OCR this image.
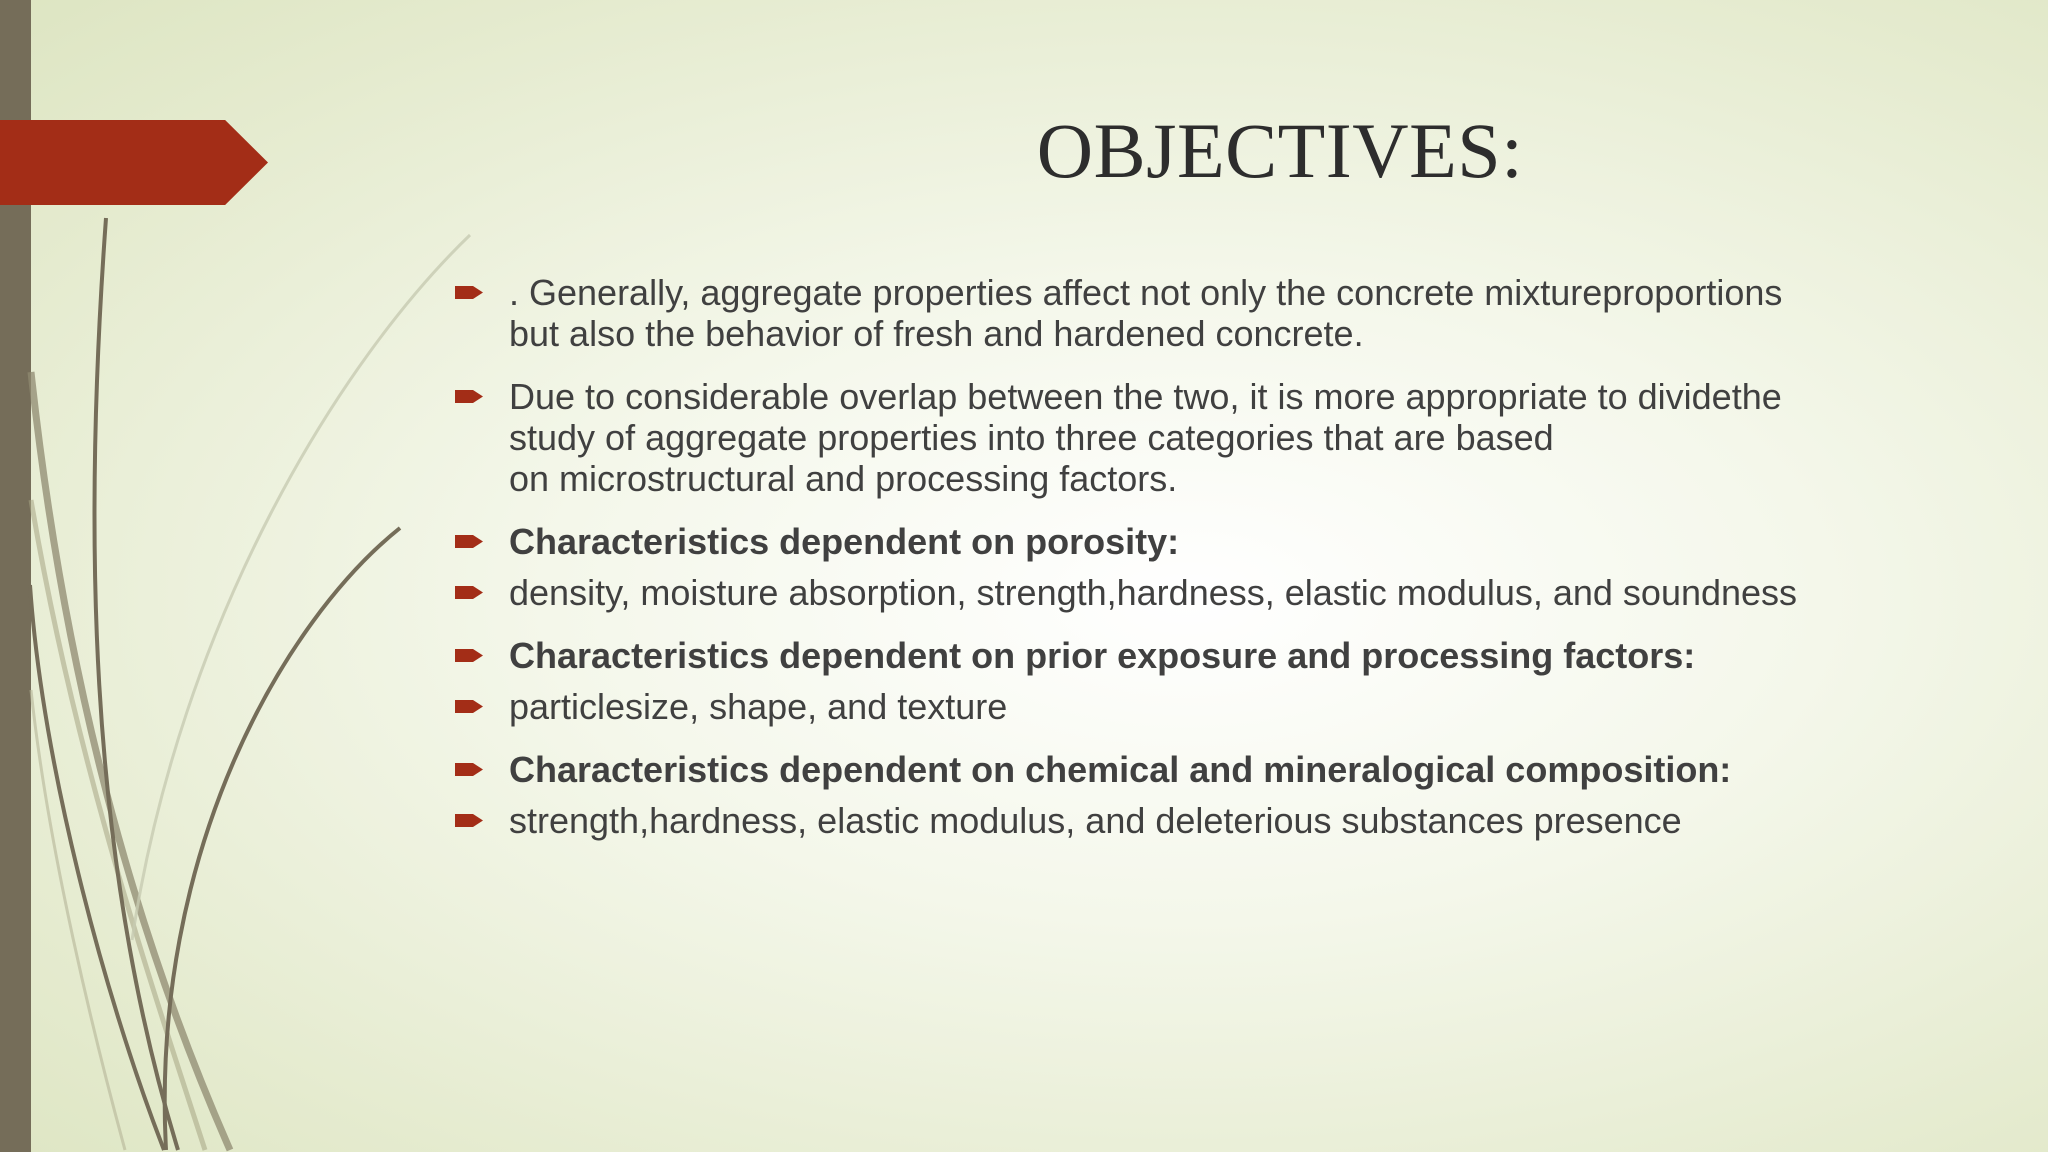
OBJECTIVES:
. Generally, aggregate properties affect not only the concrete mixtureproportions
but also the behavior of fresh and hardened concrete.
Due to considerable overlap between the two, it is more appropriate to dividethe
study of aggregate properties into three categories that are based
on microstructural and processing factors.
Characteristics dependent on porosity:
density, moisture absorption, strength,hardness, elastic modulus, and soundness
Characteristics dependent on prior exposure and processing factors:
particlesize, shape, and texture
Characteristics dependent on chemical and mineralogical composition:
strength,hardness, elastic modulus, and deleterious substances presence
